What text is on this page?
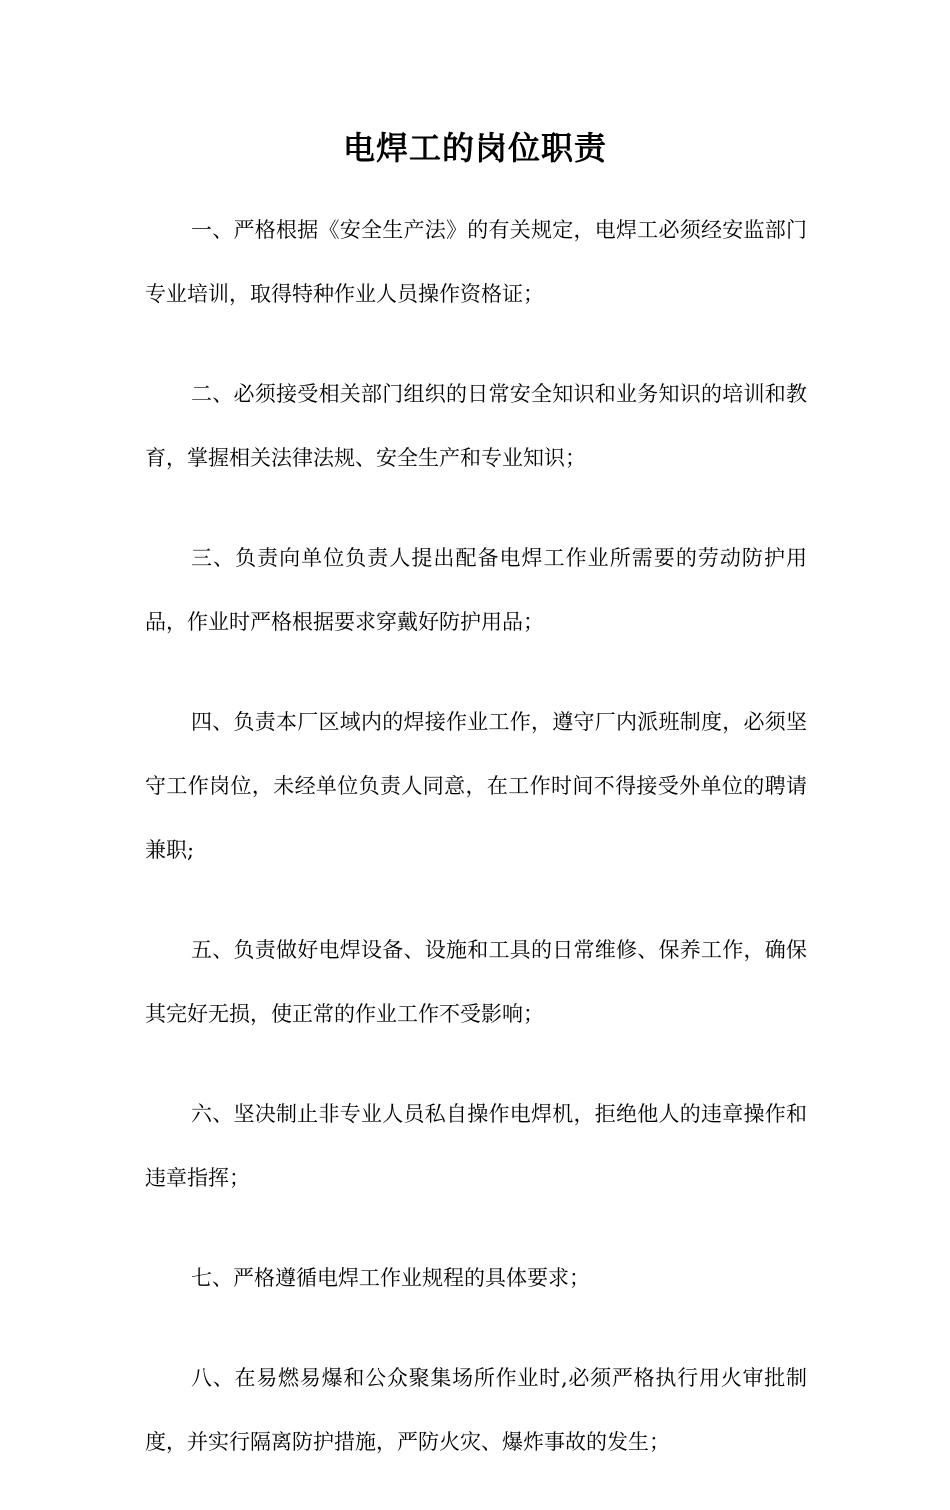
电焊工的岗位职责

一、严格根据《安全生产法》的有关规定，电焊工必须经安监部门专业培训，取得特种作业人员操作资格证；

二、必须接受相关部门组织的日常安全知识和业务知识的培训和教育，掌握相关法律法规、安全生产和专业知识；

三、负责向单位负责人提出配备电焊工作业所需要的劳动防护用品，作业时严格根据要求穿戴好防护用品；

四、负责本厂区域内的焊接作业工作，遵守厂内派班制度，必须坚守工作岗位，未经单位负责人同意，在工作时间不得接受外单位的聘请兼职;

五、负责做好电焊设备、设施和工具的日常维修、保养工作，确保其完好无损，使正常的作业工作不受影响；

六、坚决制止非专业人员私自操作电焊机，拒绝他人的违章操作和违章指挥；

七、严格遵循电焊工作业规程的具体要求；

八、在易燃易爆和公众聚集场所作业时,必须严格执行用火审批制度，并实行隔离防护措施，严防火灾、爆炸事故的发生；
